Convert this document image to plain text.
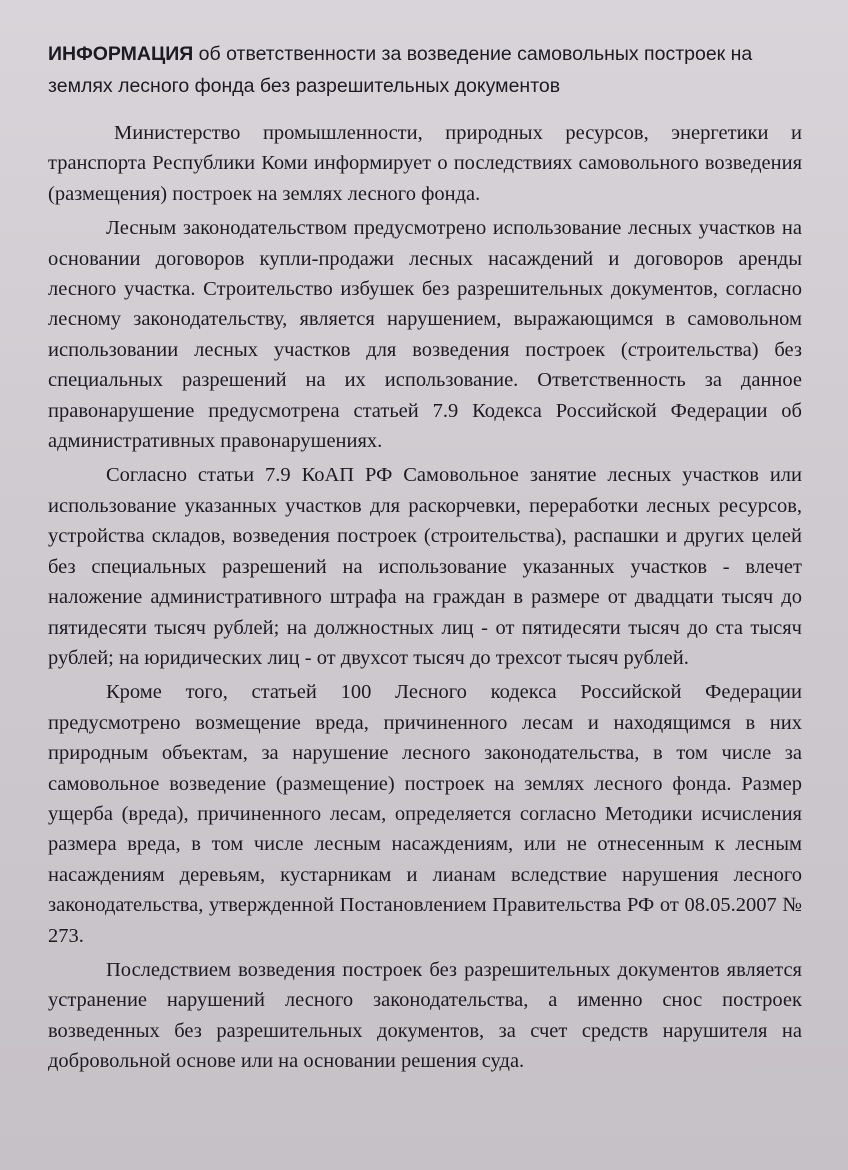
ИНФОРМАЦИЯ об ответственности за возведение самовольных построек на землях лесного фонда без разрешительных документов

Министерство промышленности, природных ресурсов, энергетики и транспорта Республики Коми информирует о последствиях самовольного возведения (размещения) построек на землях лесного фонда.

Лесным законодательством предусмотрено использование лесных участков на основании договоров купли-продажи лесных насаждений и договоров аренды лесного участка. Строительство избушек без разрешительных документов, согласно лесному законодательству, является нарушением, выражающимся в самовольном использовании лесных участков для возведения построек (строительства) без специальных разрешений на их использование. Ответственность за данное правонарушение предусмотрена статьей 7.9 Кодекса Российской Федерации об административных правонарушениях.

Согласно статьи 7.9 КоАП РФ Самовольное занятие лесных участков или использование указанных участков для раскорчевки, переработки лесных ресурсов, устройства складов, возведения построек (строительства), распашки и других целей без специальных разрешений на использование указанных участков - влечет наложение административного штрафа на граждан в размере от двадцати тысяч до пятидесяти тысяч рублей; на должностных лиц - от пятидесяти тысяч до ста тысяч рублей; на юридических лиц - от двухсот тысяч до трехсот тысяч рублей.

Кроме того, статьей 100 Лесного кодекса Российской Федерации предусмотрено возмещение вреда, причиненного лесам и находящимся в них природным объектам, за нарушение лесного законодательства, в том числе за самовольное возведение (размещение) построек на землях лесного фонда. Размер ущерба (вреда), причиненного лесам, определяется согласно Методики исчисления размера вреда, в том числе лесным насаждениям, или не отнесенным к лесным насаждениям деревьям, кустарникам и лианам вследствие нарушения лесного законодательства, утвержденной Постановлением Правительства РФ от 08.05.2007 № 273.

Последствием возведения построек без разрешительных документов является устранение нарушений лесного законодательства, а именно снос построек возведенных без разрешительных документов, за счет средств нарушителя на добровольной основе или на основании решения суда.
